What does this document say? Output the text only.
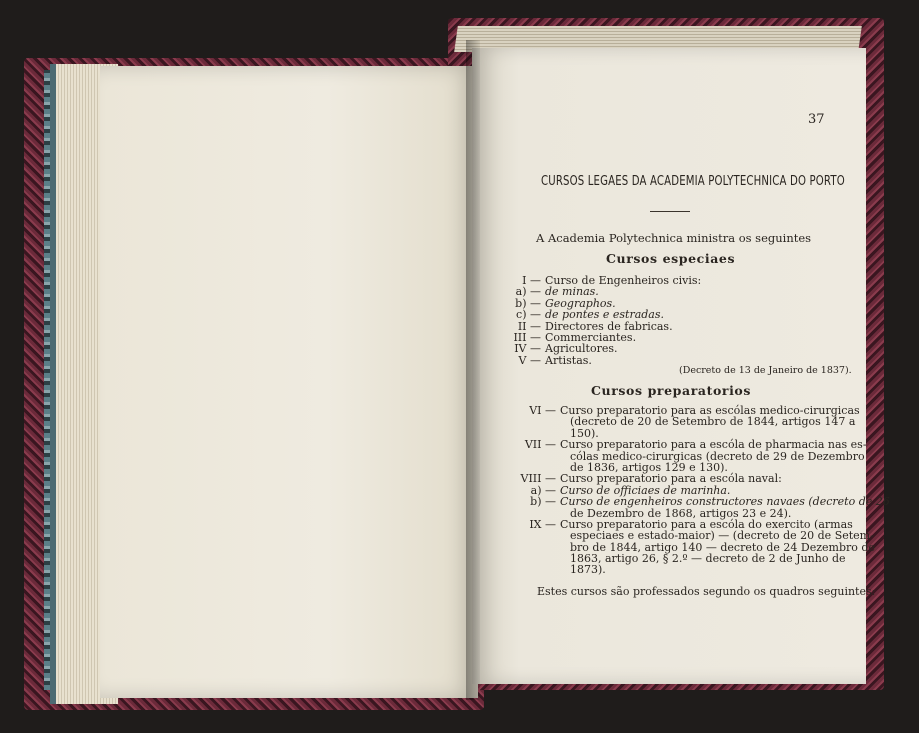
37
CURSOS LEGAES DA ACADEMIA POLYTECHNICA DO PORTO
A Academia Polytechnica ministra os seguintes
Cursos especiaes
I — Curso de Engenheiros civis:
a) — de minas.
b) — Geographos.
c) — de pontes e estradas.
II — Directores de fabricas.
III — Commerciantes.
IV — Agricultores.
V — Artistas.
(Decreto de 13 de Janeiro de 1837).
Cursos preparatorios
VI — Curso preparatorio para as escólas medico-cirurgicas
(decreto de 20 de Setembro de 1844, artigos 147 a
150).
VII — Curso preparatorio para a escóla de pharmacia nas es-
cólas medico-cirurgicas (decreto de 29 de Dezembro
de 1836, artigos 129 e 130).
VIII — Curso preparatorio para a escóla naval:
a) — Curso de officiaes de marinha.
b) — Curso de engenheiros constructores navaes (decreto de 26
de Dezembro de 1868, artigos 23 e 24).
IX — Curso preparatorio para a escóla do exercito (armas
especiaes e estado-maior) — (decreto de 20 de Setem-
bro de 1844, artigo 140 — decreto de 24 Dezembro de
1863, artigo 26, § 2.º — decreto de 2 de Junho de
1873).
Estes cursos são professados segundo os quadros seguintes:
